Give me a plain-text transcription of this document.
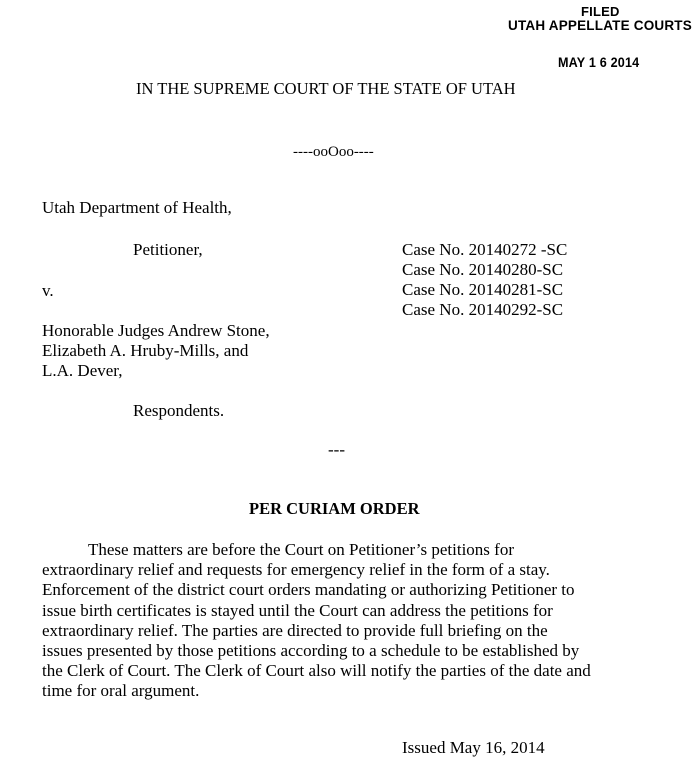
FILED
UTAH APPELLATE COURTS
MAY 1 6 2014
IN THE SUPREME COURT OF THE STATE OF UTAH
----ooOoo----
Utah Department of Health,
Petitioner,
v.
Case No. 20140272 -SC
Case No. 20140280-SC
Case No. 20140281-SC
Case No. 20140292-SC
Honorable Judges Andrew Stone,
Elizabeth A. Hruby-Mills, and
L.A. Dever,
Respondents.
---
PER CURIAM ORDER
These matters are before the Court on Petitioner’s petitions for
extraordinary relief and requests for emergency relief in the form of a stay.
Enforcement of the district court orders mandating or authorizing Petitioner to
issue birth certificates is stayed until the Court can address the petitions for
extraordinary relief. The parties are directed to provide full briefing on the
issues presented by those petitions according to a schedule to be established by
the Clerk of Court. The Clerk of Court also will notify the parties of the date and
time for oral argument.
Issued May 16, 2014
